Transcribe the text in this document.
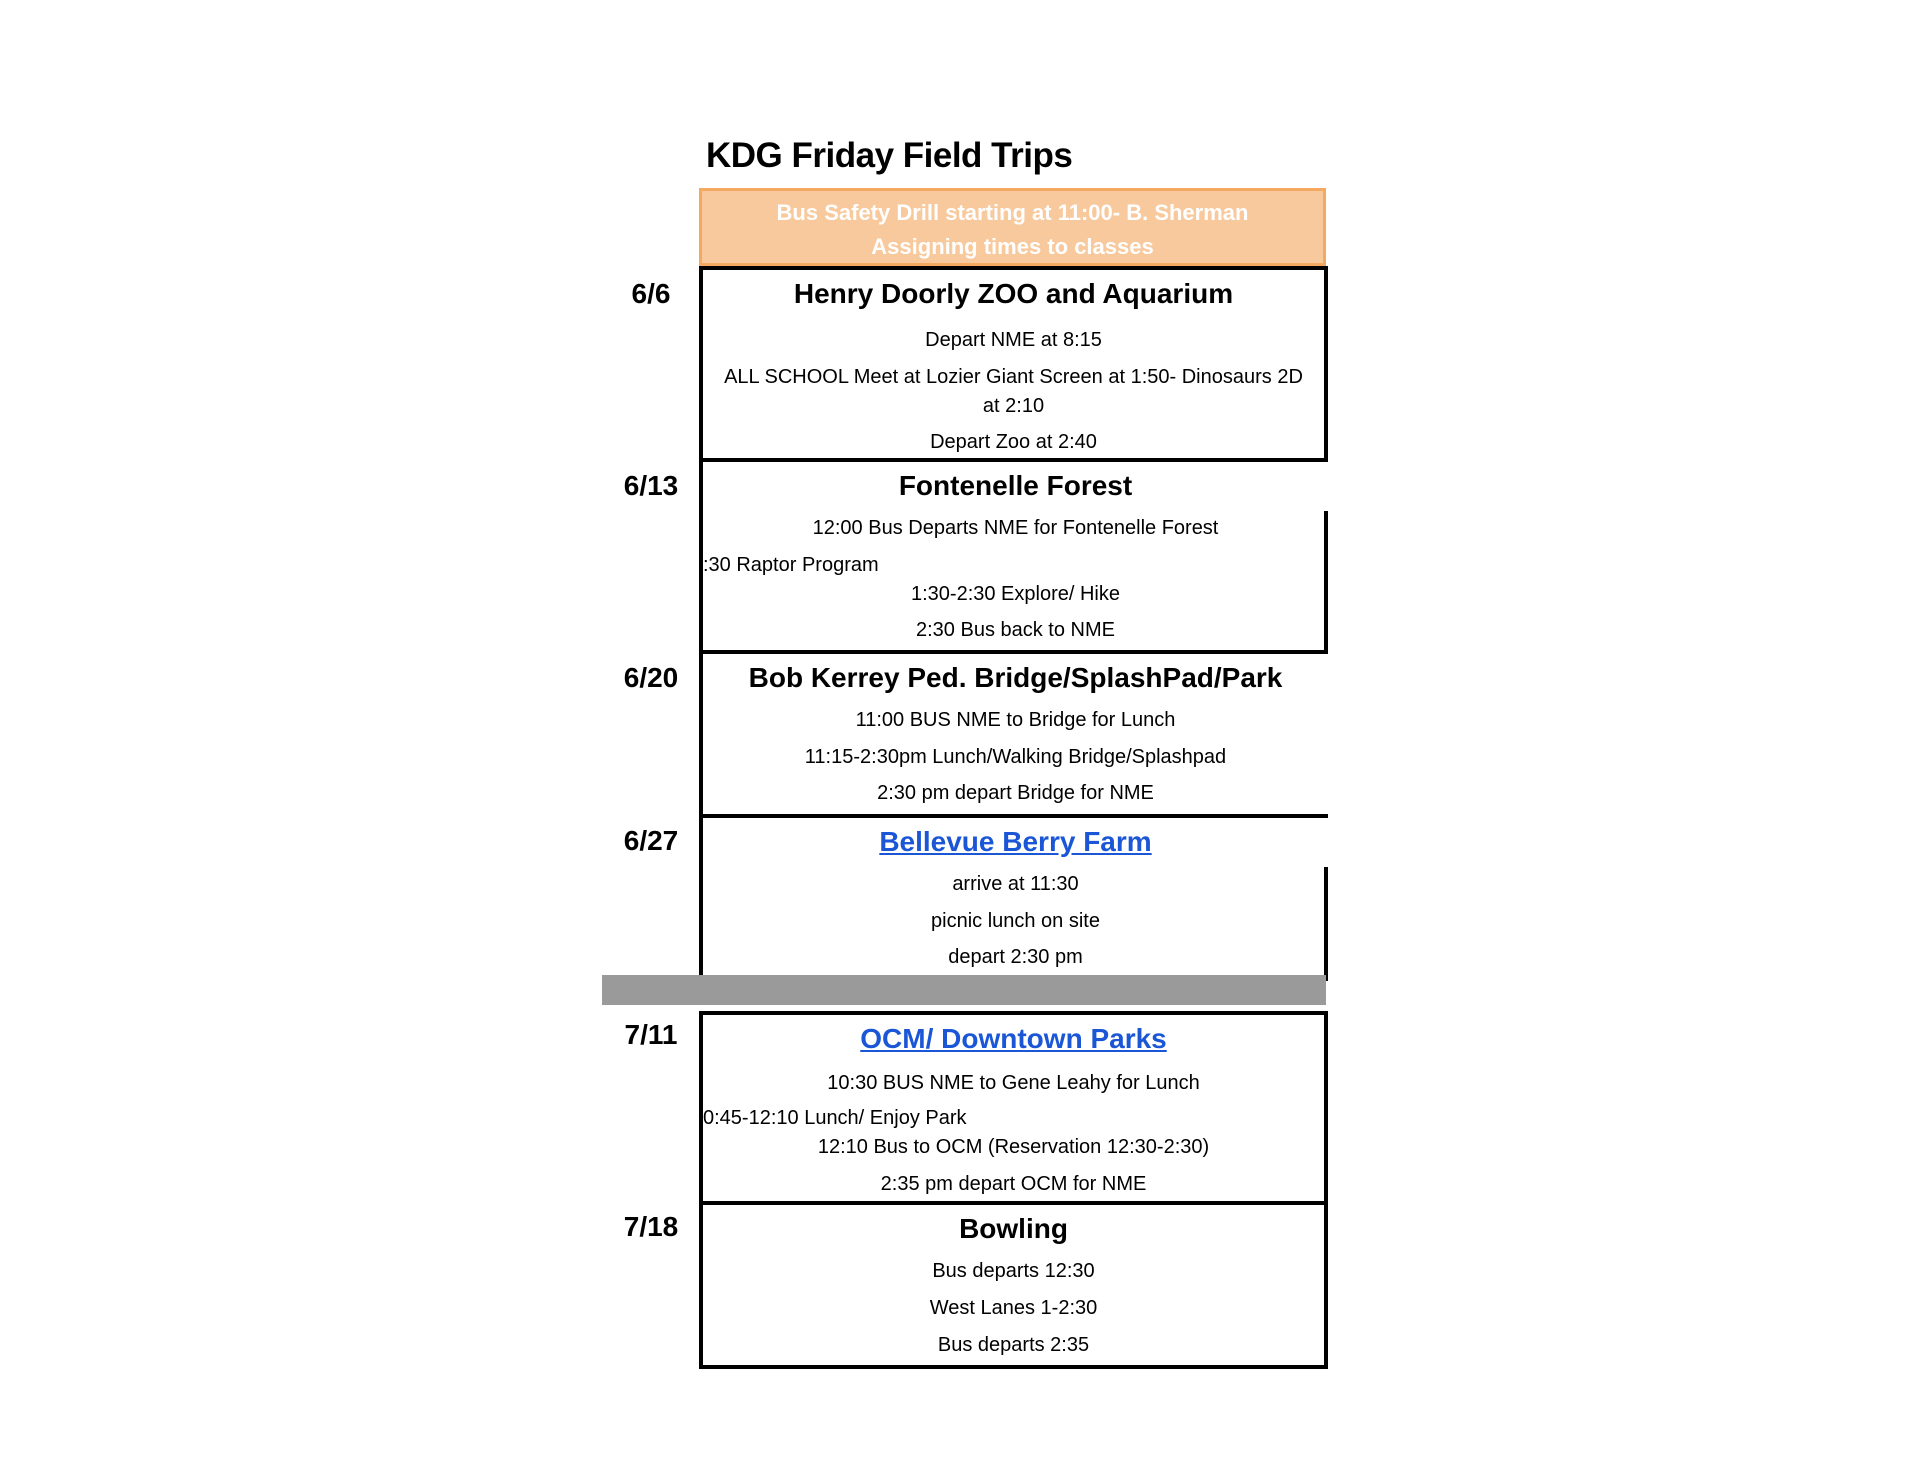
KDG Friday Field Trips
Bus Safety Drill starting at 11:00- B. Sherman
Assigning times to classes
6/6	Henry Doorly ZOO and Aquarium
Depart NME at 8:15
ALL SCHOOL Meet at Lozier Giant Screen at 1:50- Dinosaurs 2D
at 2:10
Depart Zoo at 2:40
6/13	Fontenelle Forest
12:00 Bus Departs NME for Fontenelle Forest
:30 Raptor Program
1:30-2:30 Explore/ Hike
2:30 Bus back to NME
6/20	Bob Kerrey Ped. Bridge/SplashPad/Park
11:00 BUS NME to Bridge for Lunch
11:15-2:30pm Lunch/Walking Bridge/Splashpad
2:30 pm depart Bridge for NME
6/27	Bellevue Berry Farm
arrive at 11:30
picnic lunch on site
depart 2:30 pm
7/11	OCM/ Downtown Parks
10:30 BUS NME to Gene Leahy for Lunch
0:45-12:10 Lunch/ Enjoy Park
12:10 Bus to OCM (Reservation 12:30-2:30)
2:35 pm depart OCM for NME
7/18	Bowling
Bus departs 12:30
West Lanes 1-2:30
Bus departs 2:35
